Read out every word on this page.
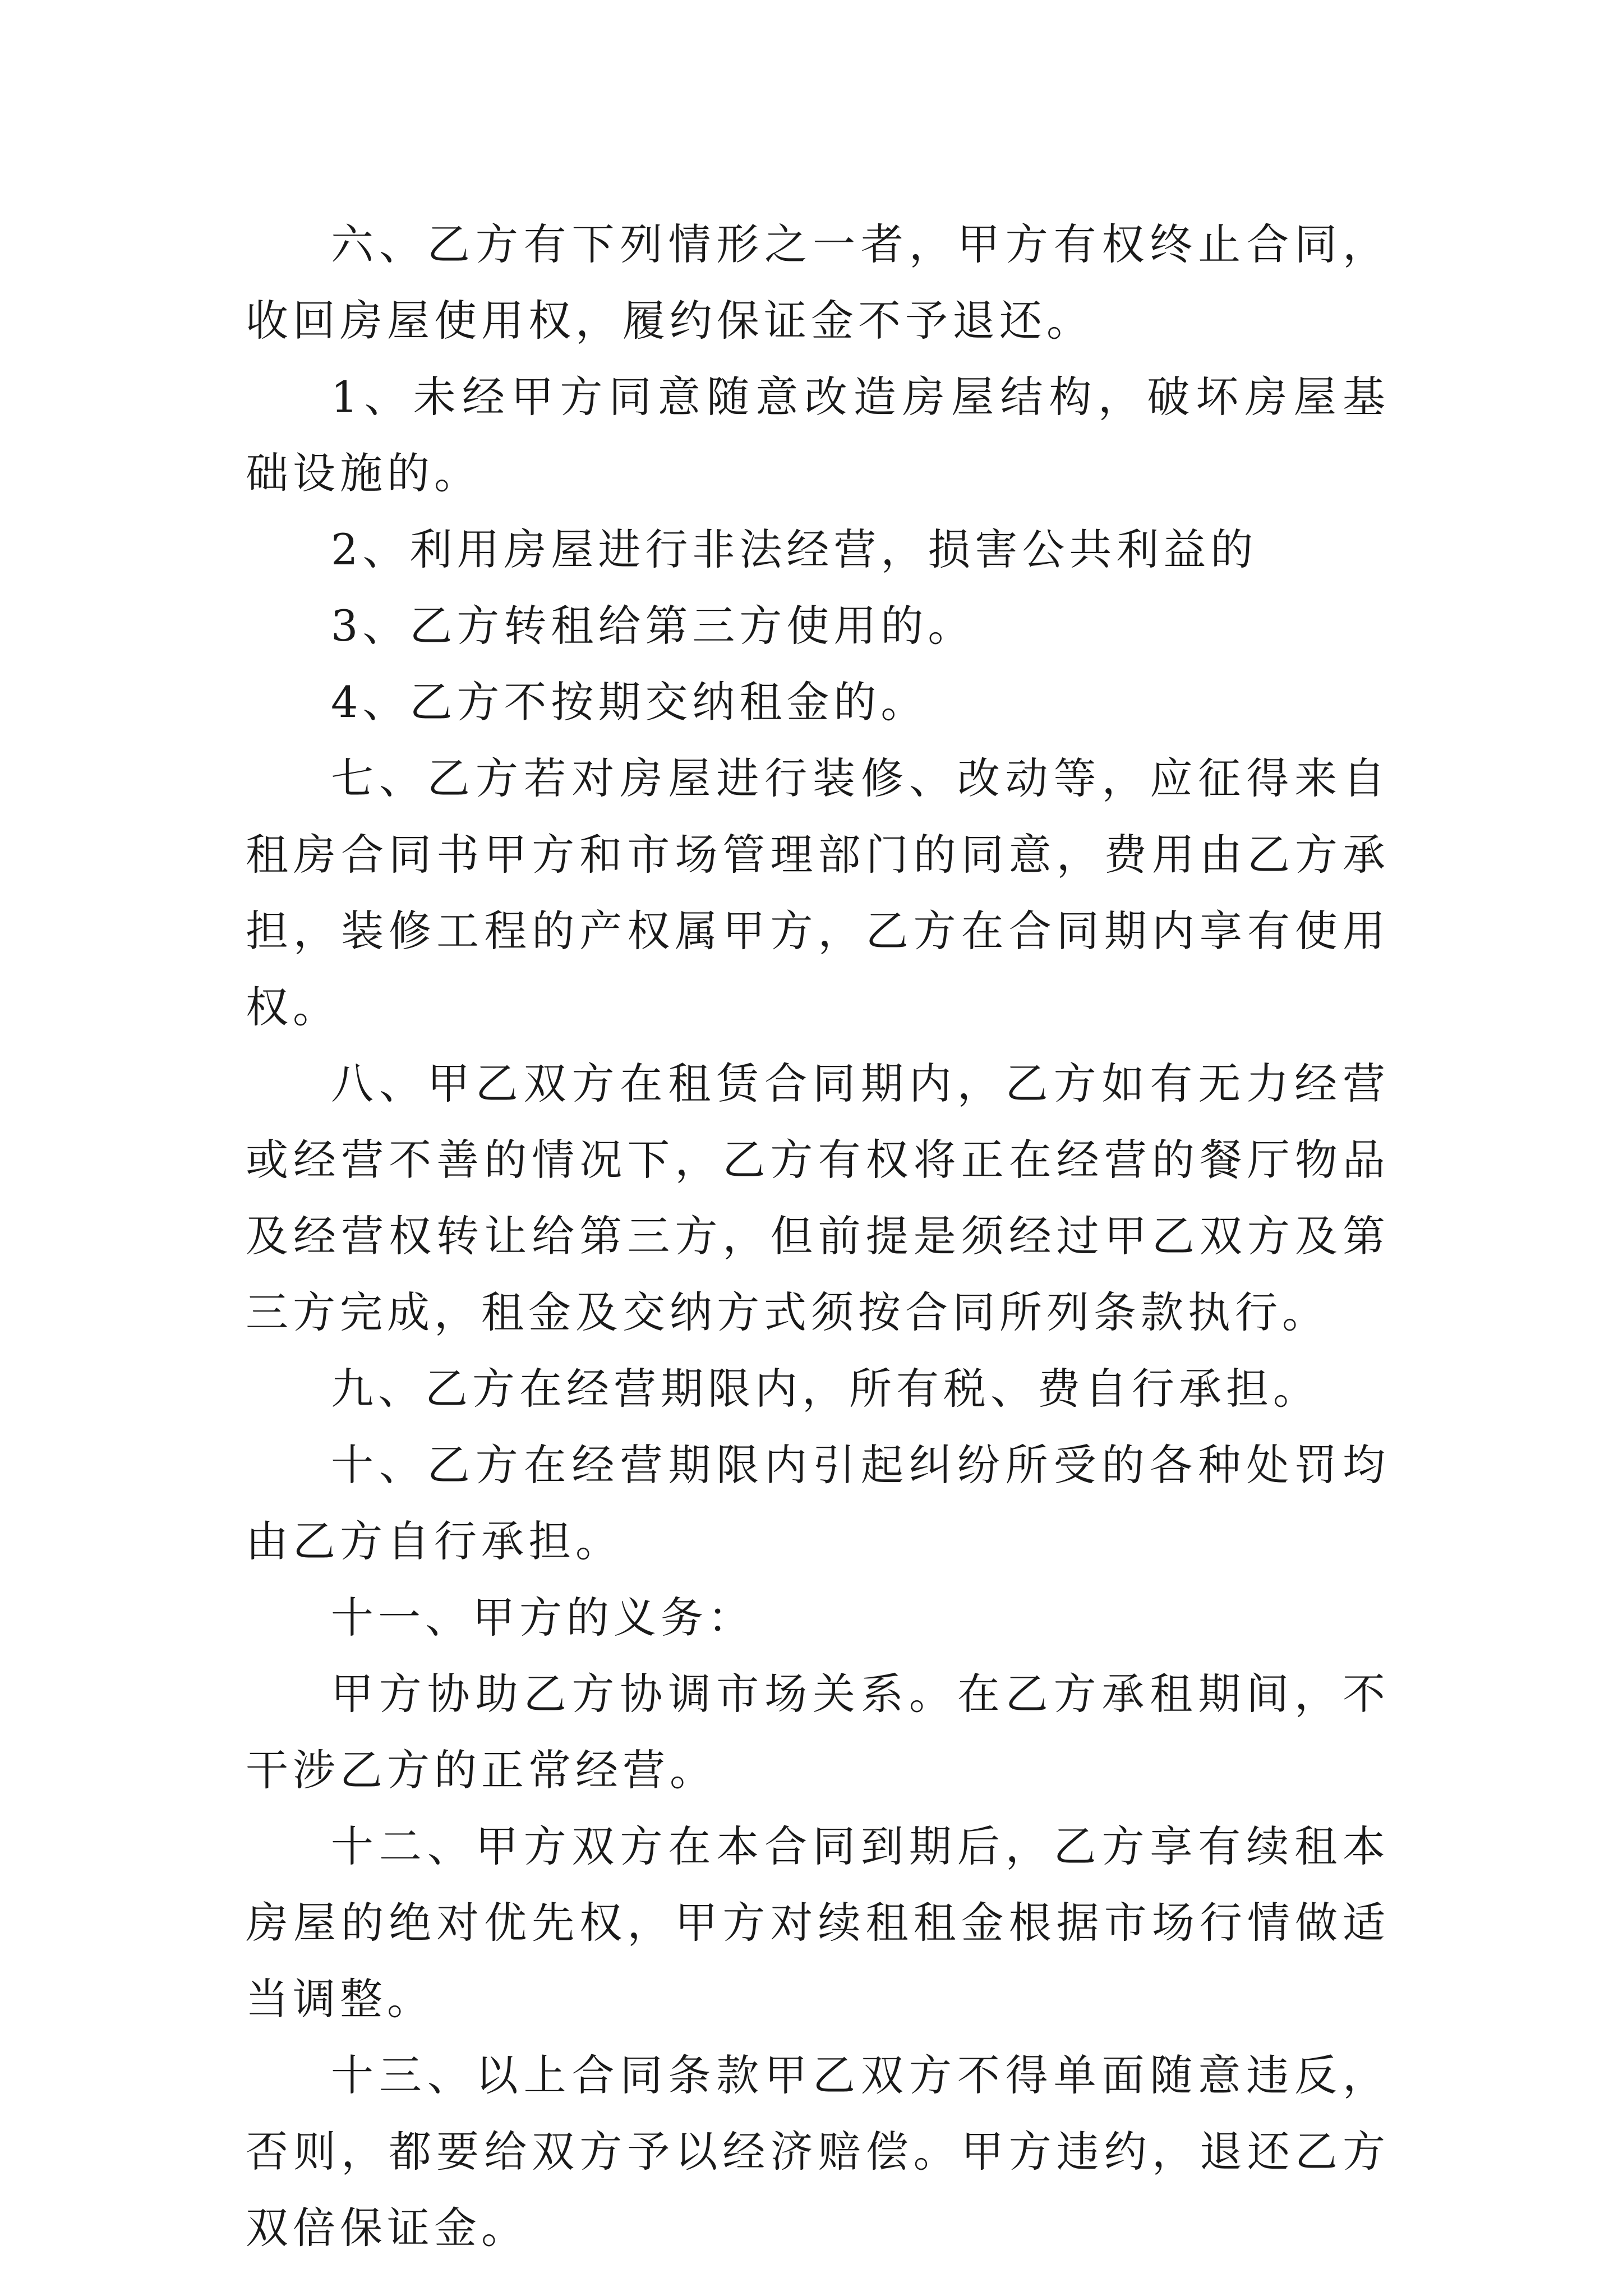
六、乙方有下列情形之一者，甲方有权终止合同，收回房屋使用权，履约保证金不予退还。

1、未经甲方同意随意改造房屋结构，破坏房屋基础设施的。

2、利用房屋进行非法经营，损害公共利益的

3、乙方转租给第三方使用的。

4、乙方不按期交纳租金的。

七、乙方若对房屋进行装修、改动等，应征得来自租房合同书甲方和市场管理部门的同意，费用由乙方承担，装修工程的产权属甲方，乙方在合同期内享有使用权。

八、甲乙双方在租赁合同期内，乙方如有无力经营或经营不善的情况下，乙方有权将正在经营的餐厅物品及经营权转让给第三方，但前提是须经过甲乙双方及第三方完成，租金及交纳方式须按合同所列条款执行。

九、乙方在经营期限内，所有税、费自行承担。

十、乙方在经营期限内引起纠纷所受的各种处罚均由乙方自行承担。

十一、甲方的义务：

甲方协助乙方协调市场关系。在乙方承租期间，不干涉乙方的正常经营。

十二、甲方双方在本合同到期后，乙方享有续租本房屋的绝对优先权，甲方对续租租金根据市场行情做适当调整。

十三、以上合同条款甲乙双方不得单面随意违反，否则，都要给双方予以经济赔偿。甲方违约，退还乙方双倍保证金。
